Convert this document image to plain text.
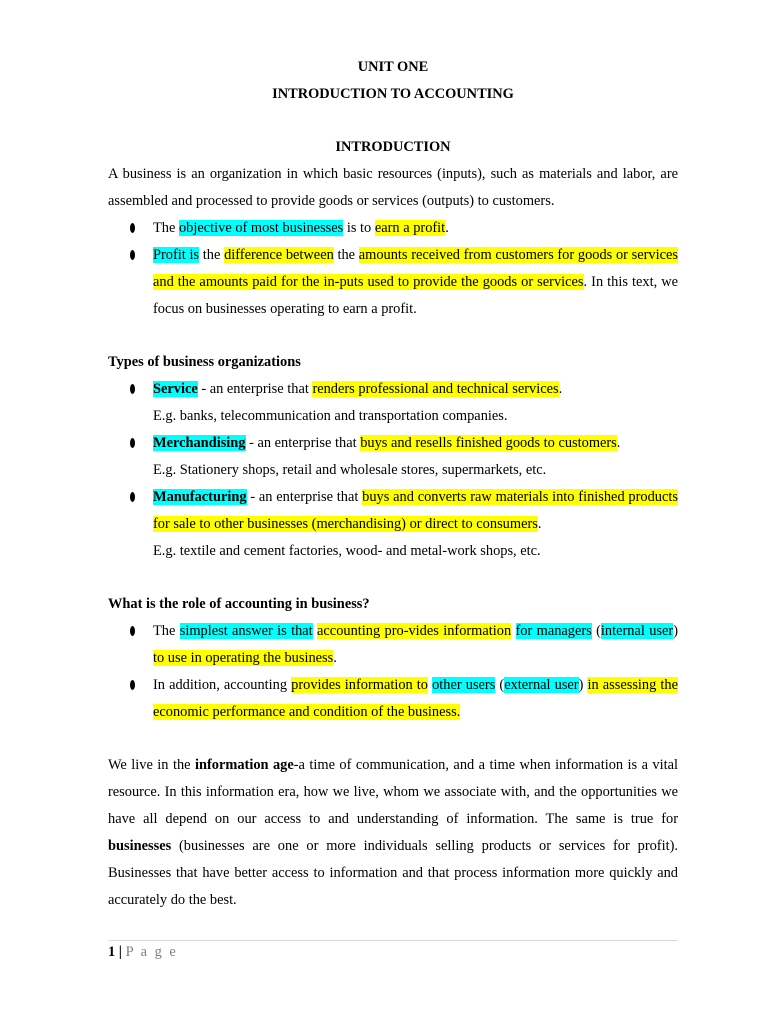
UNIT ONE
INTRODUCTION TO ACCOUNTING
INTRODUCTION

A business is an organization in which basic resources (inputs), such as materials and labor, are assembled and processed to provide goods or services (outputs) to customers.

The objective of most businesses is to earn a profit.
Profit is the difference between the amounts received from customers for goods or services and the amounts paid for the in-puts used to provide the goods or services. In this text, we focus on businesses operating to earn a profit.
Types of business organizations
Service - an enterprise that renders professional and technical services.
E.g. banks, telecommunication and transportation companies.
Merchandising - an enterprise that buys and resells finished goods to customers.
E.g. Stationery shops, retail and wholesale stores, supermarkets, etc.
Manufacturing - an enterprise that buys and converts raw materials into finished products for sale to other businesses (merchandising) or direct to consumers.
E.g. textile and cement factories, wood- and metal-work shops, etc.
What is the role of accounting in business?
The simplest answer is that accounting pro-vides information for managers (internal user) to use in operating the business.
In addition, accounting provides information to other users (external user) in assessing the economic performance and condition of the business.

We live in the information age-a time of communication, and a time when information is a vital resource. In this information era, how we live, whom we associate with, and the opportunities we have all depend on our access to and understanding of information. The same is true for businesses (businesses are one or more individuals selling products or services for profit). Businesses that have better access to information and that process information more quickly and accurately do the best.

1 | P a g e
